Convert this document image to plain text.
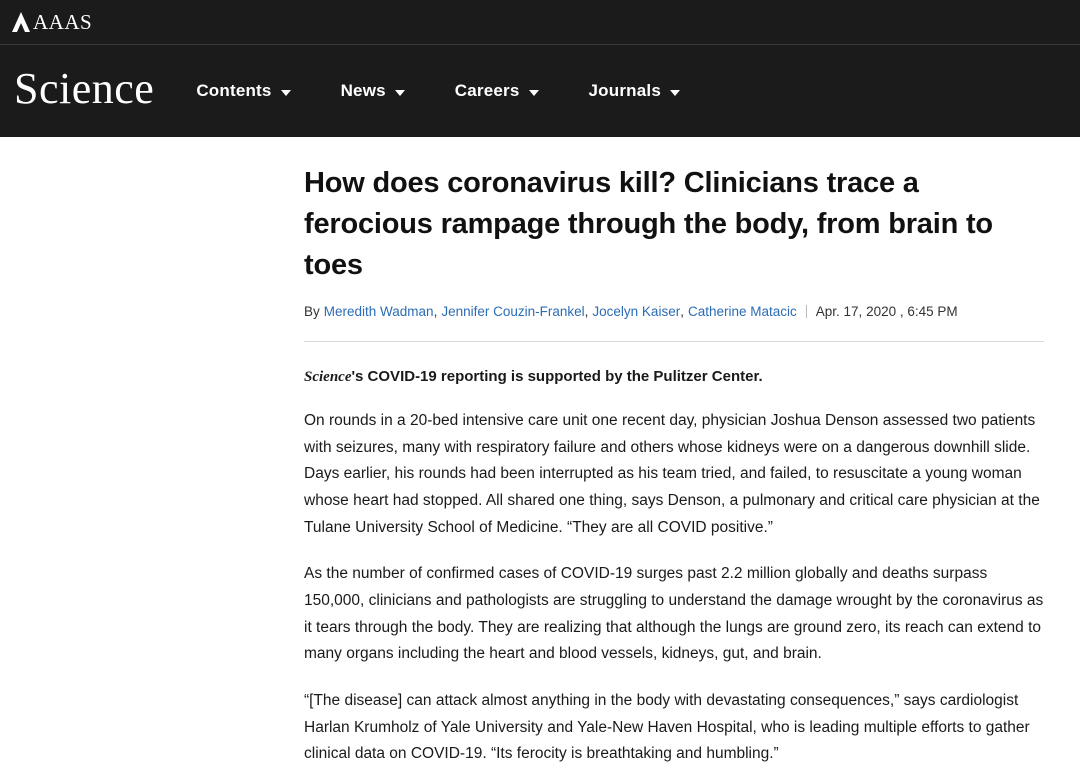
AAAS
Science Contents	News	Careers	Journals
How does coronavirus kill? Clinicians trace a ferocious rampage through the body, from brain to toes
By Meredith Wadman , Jennifer Couzin-Frankel , Jocelyn Kaiser , Catherine Matacic Apr. 17, 2020 , 6:45 PM
Science's COVID-19 reporting is supported by the Pulitzer Center.

On rounds in a 20-bed intensive care unit one recent day, physician Joshua Denson assessed two patients with seizures, many with respiratory failure and others whose kidneys were on a dangerous downhill slide. Days earlier, his rounds had been interrupted as his team tried, and failed, to resuscitate a young woman whose heart had stopped. All shared one thing, says Denson, a pulmonary and critical care physician at the Tulane University School of Medicine. “They are all COVID positive.”

As the number of confirmed cases of COVID-19 surges past 2.2 million globally and deaths surpass 150,000, clinicians and pathologists are struggling to understand the damage wrought by the coronavirus as it tears through the body. They are realizing that although the lungs are ground zero, its reach can extend to many organs including the heart and blood vessels, kidneys, gut, and brain.

“[The disease] can attack almost anything in the body with devastating consequences,” says cardiologist Harlan Krumholz of Yale University and Yale-New Haven Hospital, who is leading multiple efforts to gather clinical data on COVID-19. “Its ferocity is breathtaking and humbling.”
